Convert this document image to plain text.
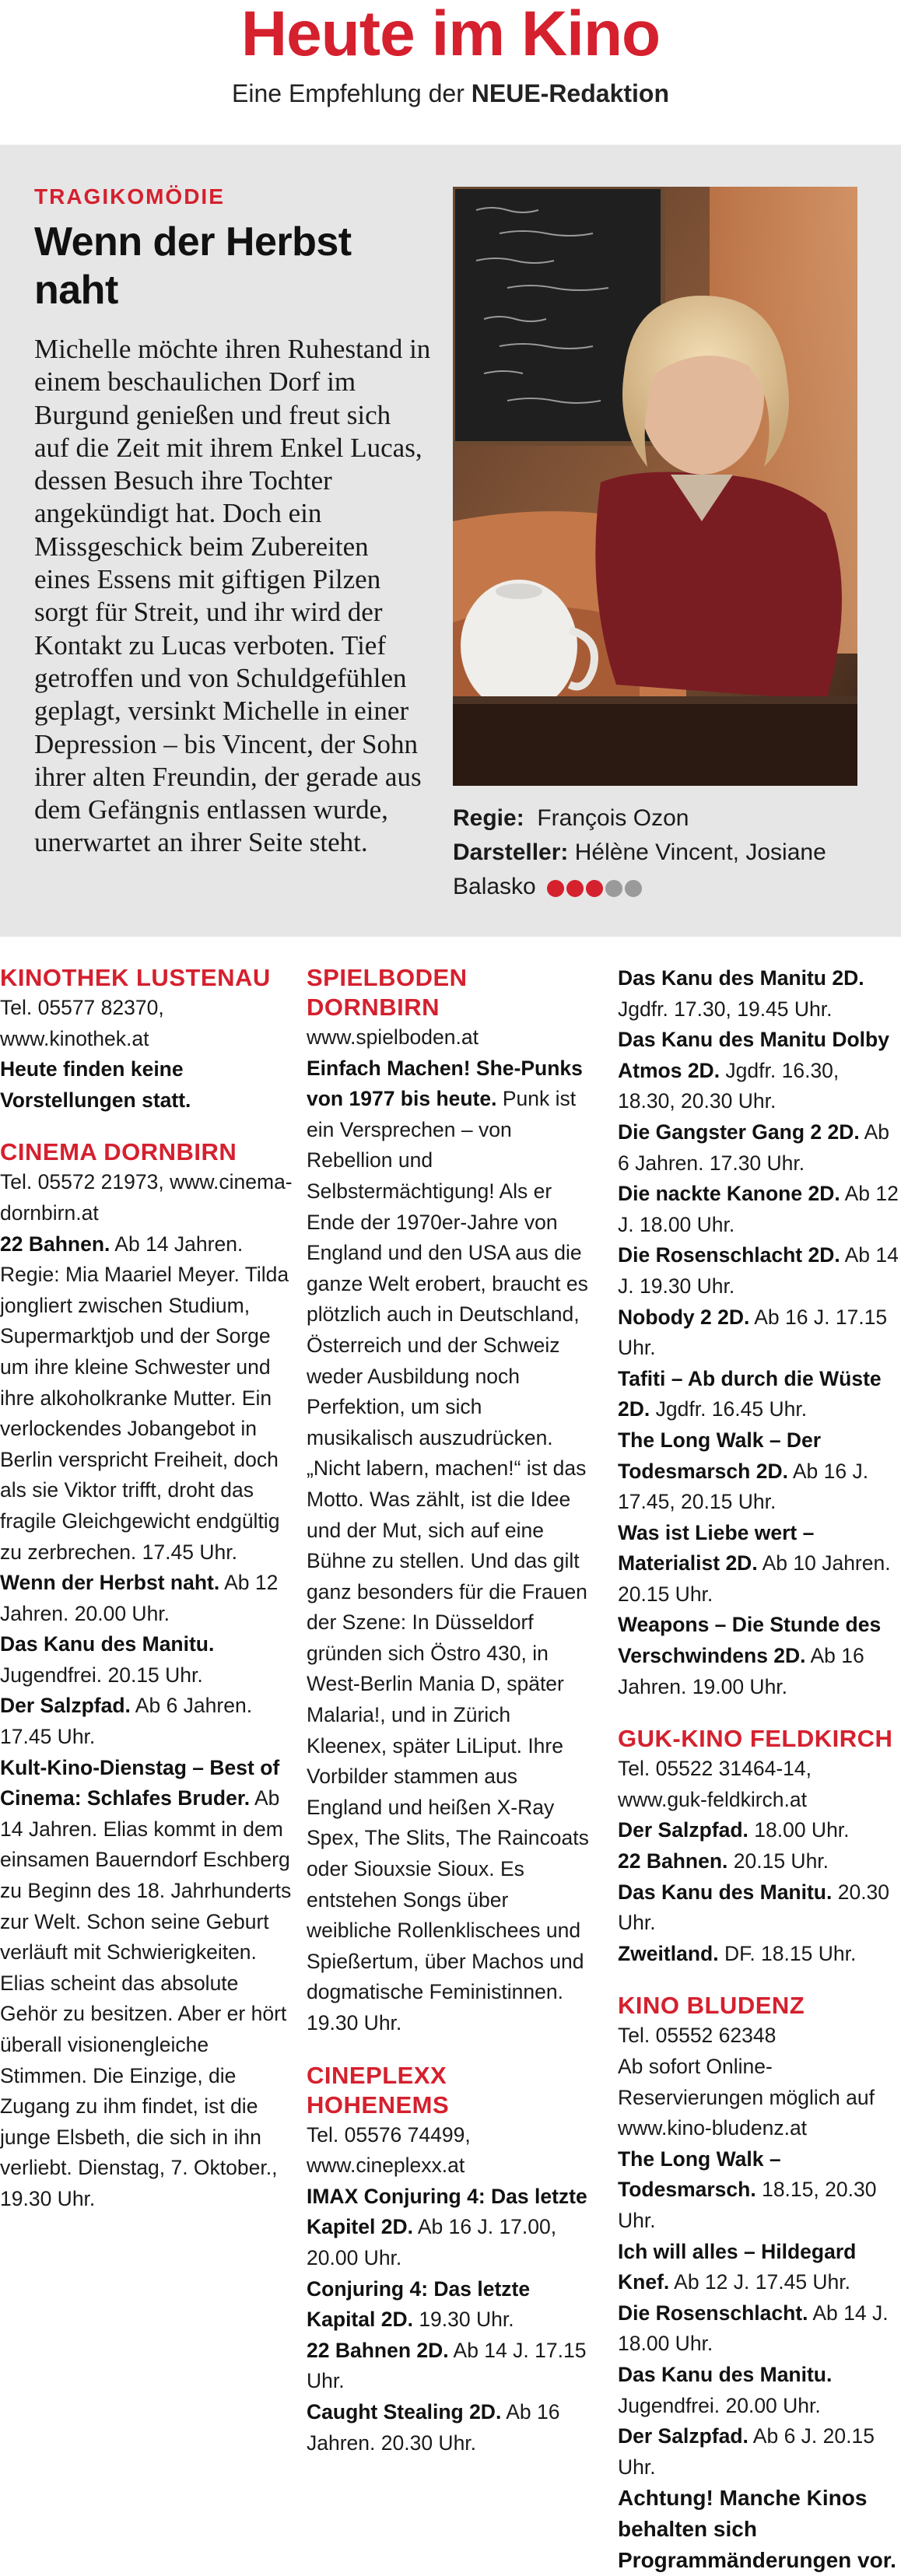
Heute im Kino
Eine Empfehlung der NEUE-Redaktion
TRAGIKOMÖDIE
Wenn der Herbst naht
Michelle möchte ihren Ruhestand in einem beschaulichen Dorf im Burgund genießen und freut sich auf die Zeit mit ihrem Enkel Lucas, dessen Besuch ihre Tochter angekündigt hat. Doch ein Missgeschick beim Zubereiten eines Essens mit giftigen Pilzen sorgt für Streit, und ihr wird der Kontakt zu Lucas verboten. Tief getroffen und von Schuldgefühlen geplagt, versinkt Michelle in einer Depression – bis Vincent, der Sohn ihrer alten Freundin, der gerade aus dem Gefängnis entlassen wurde, unerwartet an ihrer Seite steht.
Regie: François Ozon
Darsteller: Hélène Vincent, Josiane Balasko
KINOTHEK LUSTENAU

Tel. 05577 82370, www.kinothek.at

Heute finden keine Vorstellungen statt.

CINEMA DORNBIRN

Tel. 05572 21973, www.cinema-dornbirn.at

22 Bahnen. Ab 14 Jahren. Regie: Mia Maariel Meyer. Tilda jongliert zwischen Studium, Supermarktjob und der Sorge um ihre kleine Schwester und ihre alkoholkranke Mutter. Ein verlockendes Jobangebot in Berlin verspricht Freiheit, doch als sie Viktor trifft, droht das fragile Gleichgewicht endgültig zu zerbrechen. 17.45 Uhr.

Wenn der Herbst naht. Ab 12 Jahren. 20.00 Uhr.

Das Kanu des Manitu. Jugendfrei. 20.15 Uhr.

Der Salzpfad. Ab 6 Jahren. 17.45 Uhr.

Kult-Kino-Dienstag – Best of Cinema: Schlafes Bruder. Ab 14 Jahren. Elias kommt in dem einsamen Bauerndorf Eschberg zu Beginn des 18. Jahrhunderts zur Welt. Schon seine Geburt verläuft mit Schwierigkeiten. Elias scheint das absolute Gehör zu besitzen. Aber er hört überall visionengleiche Stimmen. Die Einzige, die Zugang zu ihm findet, ist die junge Elsbeth, die sich in ihn verliebt. Dienstag, 7. Oktober., 19.30 Uhr.

SPIELBODEN DORNBIRN

www.spielboden.at

Einfach Machen! She-Punks von 1977 bis heute. Punk ist ein Versprechen – von Rebellion und Selbstermächtigung! Als er Ende der 1970er-Jahre von England und den USA aus die ganze Welt erobert, braucht es plötzlich auch in Deutschland, Österreich und der Schweiz weder Ausbildung noch Perfektion, um sich musikalisch auszudrücken. „Nicht labern, machen!“ ist das Motto. Was zählt, ist die Idee und der Mut, sich auf eine Bühne zu stellen. Und das gilt ganz besonders für die Frauen der Szene: In Düsseldorf gründen sich Östro 430, in West-Berlin Mania D, später Malaria!, und in Zürich Kleenex, später LiLiput. Ihre Vorbilder stammen aus England und heißen X-Ray Spex, The Slits, The Raincoats oder Siouxsie Sioux. Es entstehen Songs über weibliche Rollenklischees und Spießertum, über Machos und dogmatische Feministinnen. 19.30 Uhr.

CINEPLEXX HOHENEMS

Tel. 05576 74499, www.cineplexx.at

IMAX Conjuring 4: Das letzte Kapitel 2D. Ab 16 J. 17.00, 20.00 Uhr.

Conjuring 4: Das letzte Kapital 2D. 19.30 Uhr.

22 Bahnen 2D. Ab 14 J. 17.15 Uhr.

Caught Stealing 2D. Ab 16 Jahren. 20.30 Uhr.

Das Kanu des Manitu 2D. Jgdfr. 17.30, 19.45 Uhr.

Das Kanu des Manitu Dolby Atmos 2D. Jgdfr. 16.30, 18.30, 20.30 Uhr.

Die Gangster Gang 2 2D. Ab 6 Jahren. 17.30 Uhr.

Die nackte Kanone 2D. Ab 12 J. 18.00 Uhr.

Die Rosenschlacht 2D. Ab 14 J. 19.30 Uhr.

Nobody 2 2D. Ab 16 J. 17.15 Uhr.

Tafiti – Ab durch die Wüste 2D. Jgdfr. 16.45 Uhr.

The Long Walk – Der Todesmarsch 2D. Ab 16 J. 17.45, 20.15 Uhr.

Was ist Liebe wert – Materialist 2D. Ab 10 Jahren. 20.15 Uhr.

Weapons – Die Stunde des Verschwindens 2D. Ab 16 Jahren. 19.00 Uhr.

GUK-KINO FELDKIRCH

Tel. 05522 31464-14, www.guk-feldkirch.at

Der Salzpfad. 18.00 Uhr.

22 Bahnen. 20.15 Uhr.

Das Kanu des Manitu. 20.30 Uhr.

Zweitland. DF. 18.15 Uhr.

KINO BLUDENZ

Tel. 05552 62348

Ab sofort Online-Reservierungen möglich auf www.kino-bludenz.at

The Long Walk – Todesmarsch. 18.15, 20.30 Uhr.

Ich will alles – Hildegard Knef. Ab 12 J. 17.45 Uhr.

Die Rosenschlacht. Ab 14 J. 18.00 Uhr.

Das Kanu des Manitu. Jugendfrei. 20.00 Uhr.

Der Salzpfad. Ab 6 J. 20.15 Uhr.

Achtung! Manche Kinos behalten sich Programmänderungen vor.
